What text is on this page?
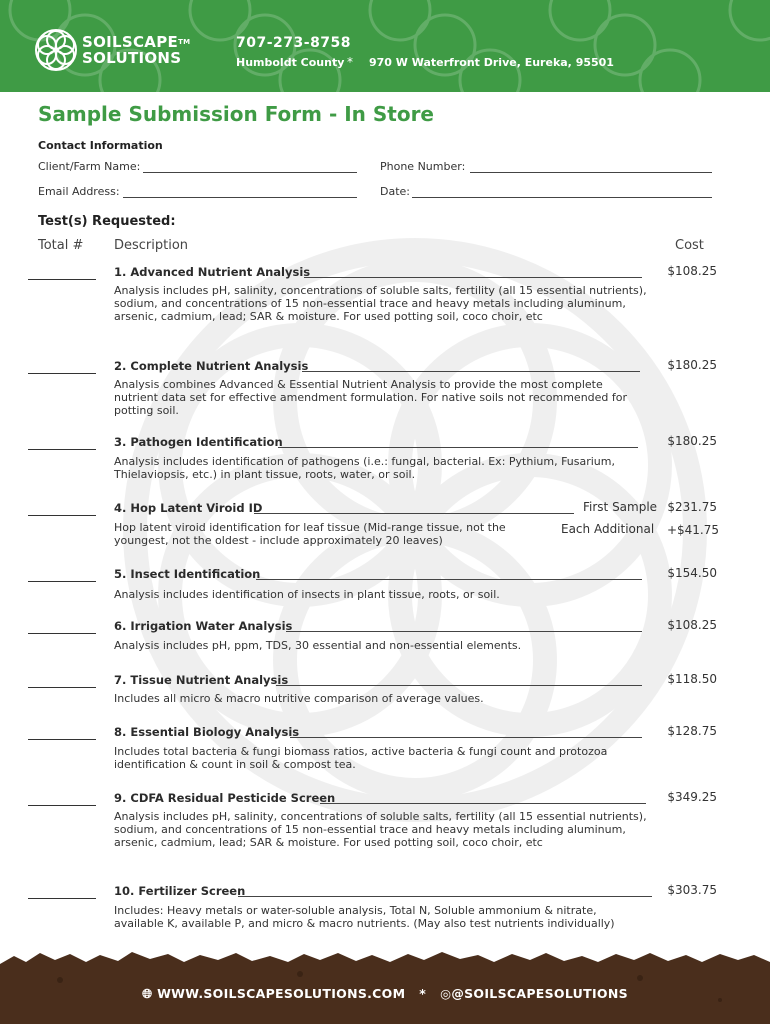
SOILSCAPE™
SOLUTIONS
707-273-8758
Humboldt County * 970 W Waterfront Drive, Eureka, 95501
Sample Submission Form - In Store
Contact Information
Client/Farm Name:	Phone Number:
Email Address:	Date:
Test(s) Requested:
Total # Description	Cost
1. Advanced Nutrient Analysis	$108.25
Analysis includes pH, salinity, concentrations of soluble salts, fertility (all 15 essential nutrients), sodium, and concentrations of 15 non-essential trace and heavy metals including aluminum, arsenic, cadmium, lead; SAR & moisture. For used potting soil, coco choir, etc
2. Complete Nutrient Analysis	$180.25
Analysis combines Advanced & Essential Nutrient Analysis to provide the most complete nutrient data set for effective amendment formulation. For native soils not recommended for potting soil.
3. Pathogen Identification	$180.25
Analysis includes identification of pathogens (i.e.: fungal, bacterial. Ex: Pythium, Fusarium, Thielaviopsis, etc.) in plant tissue, roots, water, or soil.
4. Hop Latent Viroid ID	First Sample $231.75
Each Additional	+$41.75
Hop latent viroid identification for leaf tissue (Mid-range tissue, not the youngest, not the oldest - include approximately 20 leaves)
5. Insect Identification	$154.50
Analysis includes identification of insects in plant tissue, roots, or soil.
6. Irrigation Water Analysis	$108.25
Analysis includes pH, ppm, TDS, 30 essential and non-essential elements.
7. Tissue Nutrient Analysis	$118.50
Includes all micro & macro nutritive comparison of average values.
8. Essential Biology Analysis	$128.75
Includes total bacteria & fungi biomass ratios, active bacteria & fungi count and protozoa identification & count in soil & compost tea.
9. CDFA Residual Pesticide Screen	$349.25
Analysis includes pH, salinity, concentrations of soluble salts, fertility (all 15 essential nutrients), sodium, and concentrations of 15 non-essential trace and heavy metals including aluminum, arsenic, cadmium, lead; SAR & moisture. For used potting soil, coco choir, etc
10. Fertilizer Screen	$303.75
Includes: Heavy metals or water-soluble analysis, Total N, Soluble ammonium & nitrate, available K, available P, and micro & macro nutrients. (May also test nutrients individually)
🌐︎ WWW.SOILSCAPESOLUTIONS.COM * ◎@SOILSCAPESOLUTIONS
